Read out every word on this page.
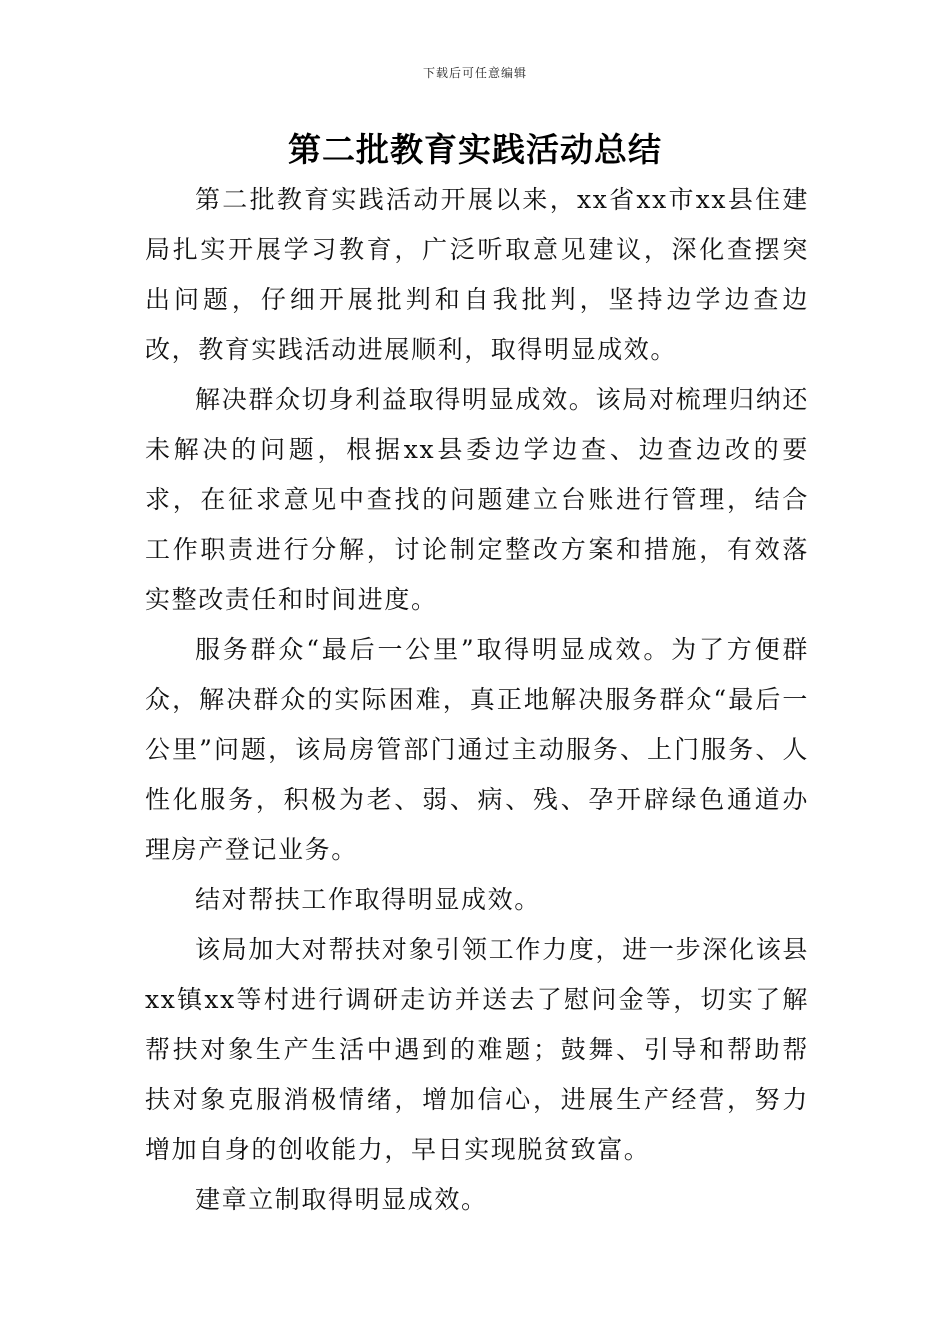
下载后可任意编辑
第二批教育实践活动总结

第二批教育实践活动开展以来，xx省xx市xx县住建局扎实开展学习教育，广泛听取意见建议，深化查摆突出问题，仔细开展批判和自我批判，坚持边学边查边改，教育实践活动进展顺利，取得明显成效。

解决群众切身利益取得明显成效。该局对梳理归纳还未解决的问题，根据xx县委边学边查、边查边改的要求，在征求意见中查找的问题建立台账进行管理，结合工作职责进行分解，讨论制定整改方案和措施，有效落实整改责任和时间进度。

服务群众“最后一公里”取得明显成效。为了方便群众，解决群众的实际困难，真正地解决服务群众“最后一公里”问题，该局房管部门通过主动服务、上门服务、人性化服务，积极为老、弱、病、残、孕开辟绿色通道办理房产登记业务。

结对帮扶工作取得明显成效。

该局加大对帮扶对象引领工作力度，进一步深化该县xx镇xx等村进行调研走访并送去了慰问金等，切实了解帮扶对象生产生活中遇到的难题；鼓舞、引导和帮助帮扶对象克服消极情绪，增加信心，进展生产经营，努力增加自身的创收能力，早日实现脱贫致富。

建章立制取得明显成效。
